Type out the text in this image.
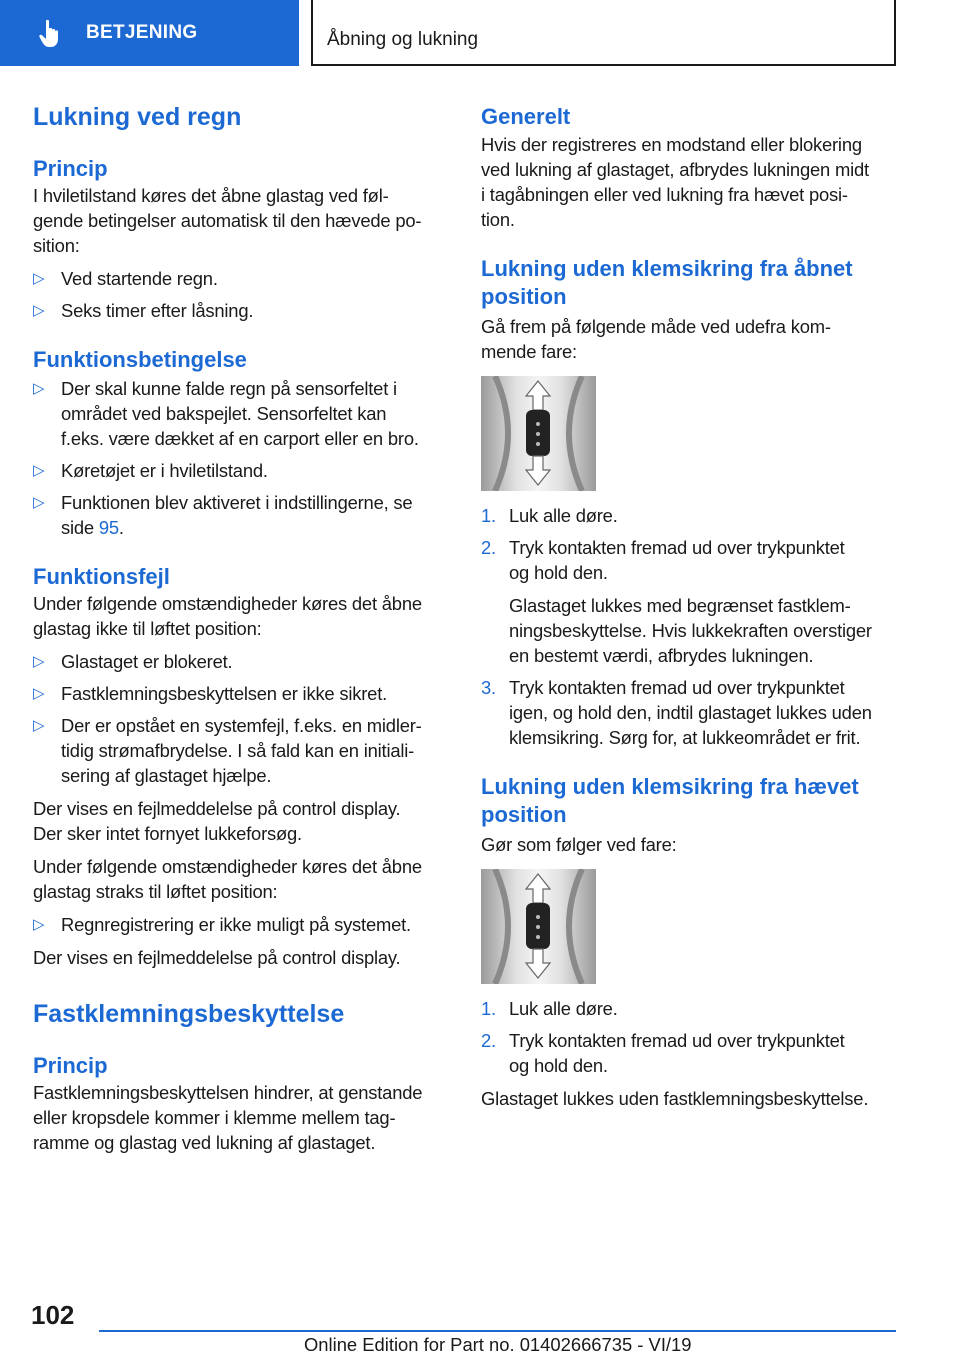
BETJENING	Åbning og lukning
Lukning ved regn
Princip
I hviletilstand køres det åbne glastag ved føl-
gende betingelser automatisk til den hævede po-
sition:
▷ Ved startende regn.
▷ Seks timer efter låsning.
Funktionsbetingelse
▷ Der skal kunne falde regn på sensorfeltet i
området ved bakspejlet. Sensorfeltet kan
f.eks. være dækket af en carport eller en bro.
▷ Køretøjet er i hviletilstand.
▷ Funktionen blev aktiveret i indstillingerne, se
side 95.
Funktionsfejl
Under følgende omstændigheder køres det åbne
glastag ikke til løftet position:
▷ Glastaget er blokeret.
▷ Fastklemningsbeskyttelsen er ikke sikret.
▷ Der er opstået en systemfejl, f.eks. en midler-
tidig strømafbrydelse. I så fald kan en initiali-
sering af glastaget hjælpe.
Der vises en fejlmeddelelse på control display.
Der sker intet fornyet lukkeforsøg.
Under følgende omstændigheder køres det åbne
glastag straks til løftet position:
▷ Regnregistrering er ikke muligt på systemet.
Der vises en fejlmeddelelse på control display.
Fastklemningsbeskyttelse
Princip
Fastklemningsbeskyttelsen hindrer, at genstande
eller kropsdele kommer i klemme mellem tag-
ramme og glastag ved lukning af glastaget.
Generelt
Hvis der registreres en modstand eller blokering
ved lukning af glastaget, afbrydes lukningen midt
i tagåbningen eller ved lukning fra hævet posi-
tion.
Lukning uden klemsikring fra åbnet
position
Gå frem på følgende måde ved udefra kom-
mende fare:
1. Luk alle døre.
2. Tryk kontakten fremad ud over trykpunktet
og hold den.
Glastaget lukkes med begrænset fastklem-
ningsbeskyttelse. Hvis lukkekraften overstiger
en bestemt værdi, afbrydes lukningen.
3. Tryk kontakten fremad ud over trykpunktet
igen, og hold den, indtil glastaget lukkes uden
klemsikring. Sørg for, at lukkeområdet er frit.
Lukning uden klemsikring fra hævet
position
Gør som følger ved fare:
1. Luk alle døre.
2. Tryk kontakten fremad ud over trykpunktet
og hold den.
Glastaget lukkes uden fastklemningsbeskyttelse.
102
Online Edition for Part no. 01402666735 - VI/19
